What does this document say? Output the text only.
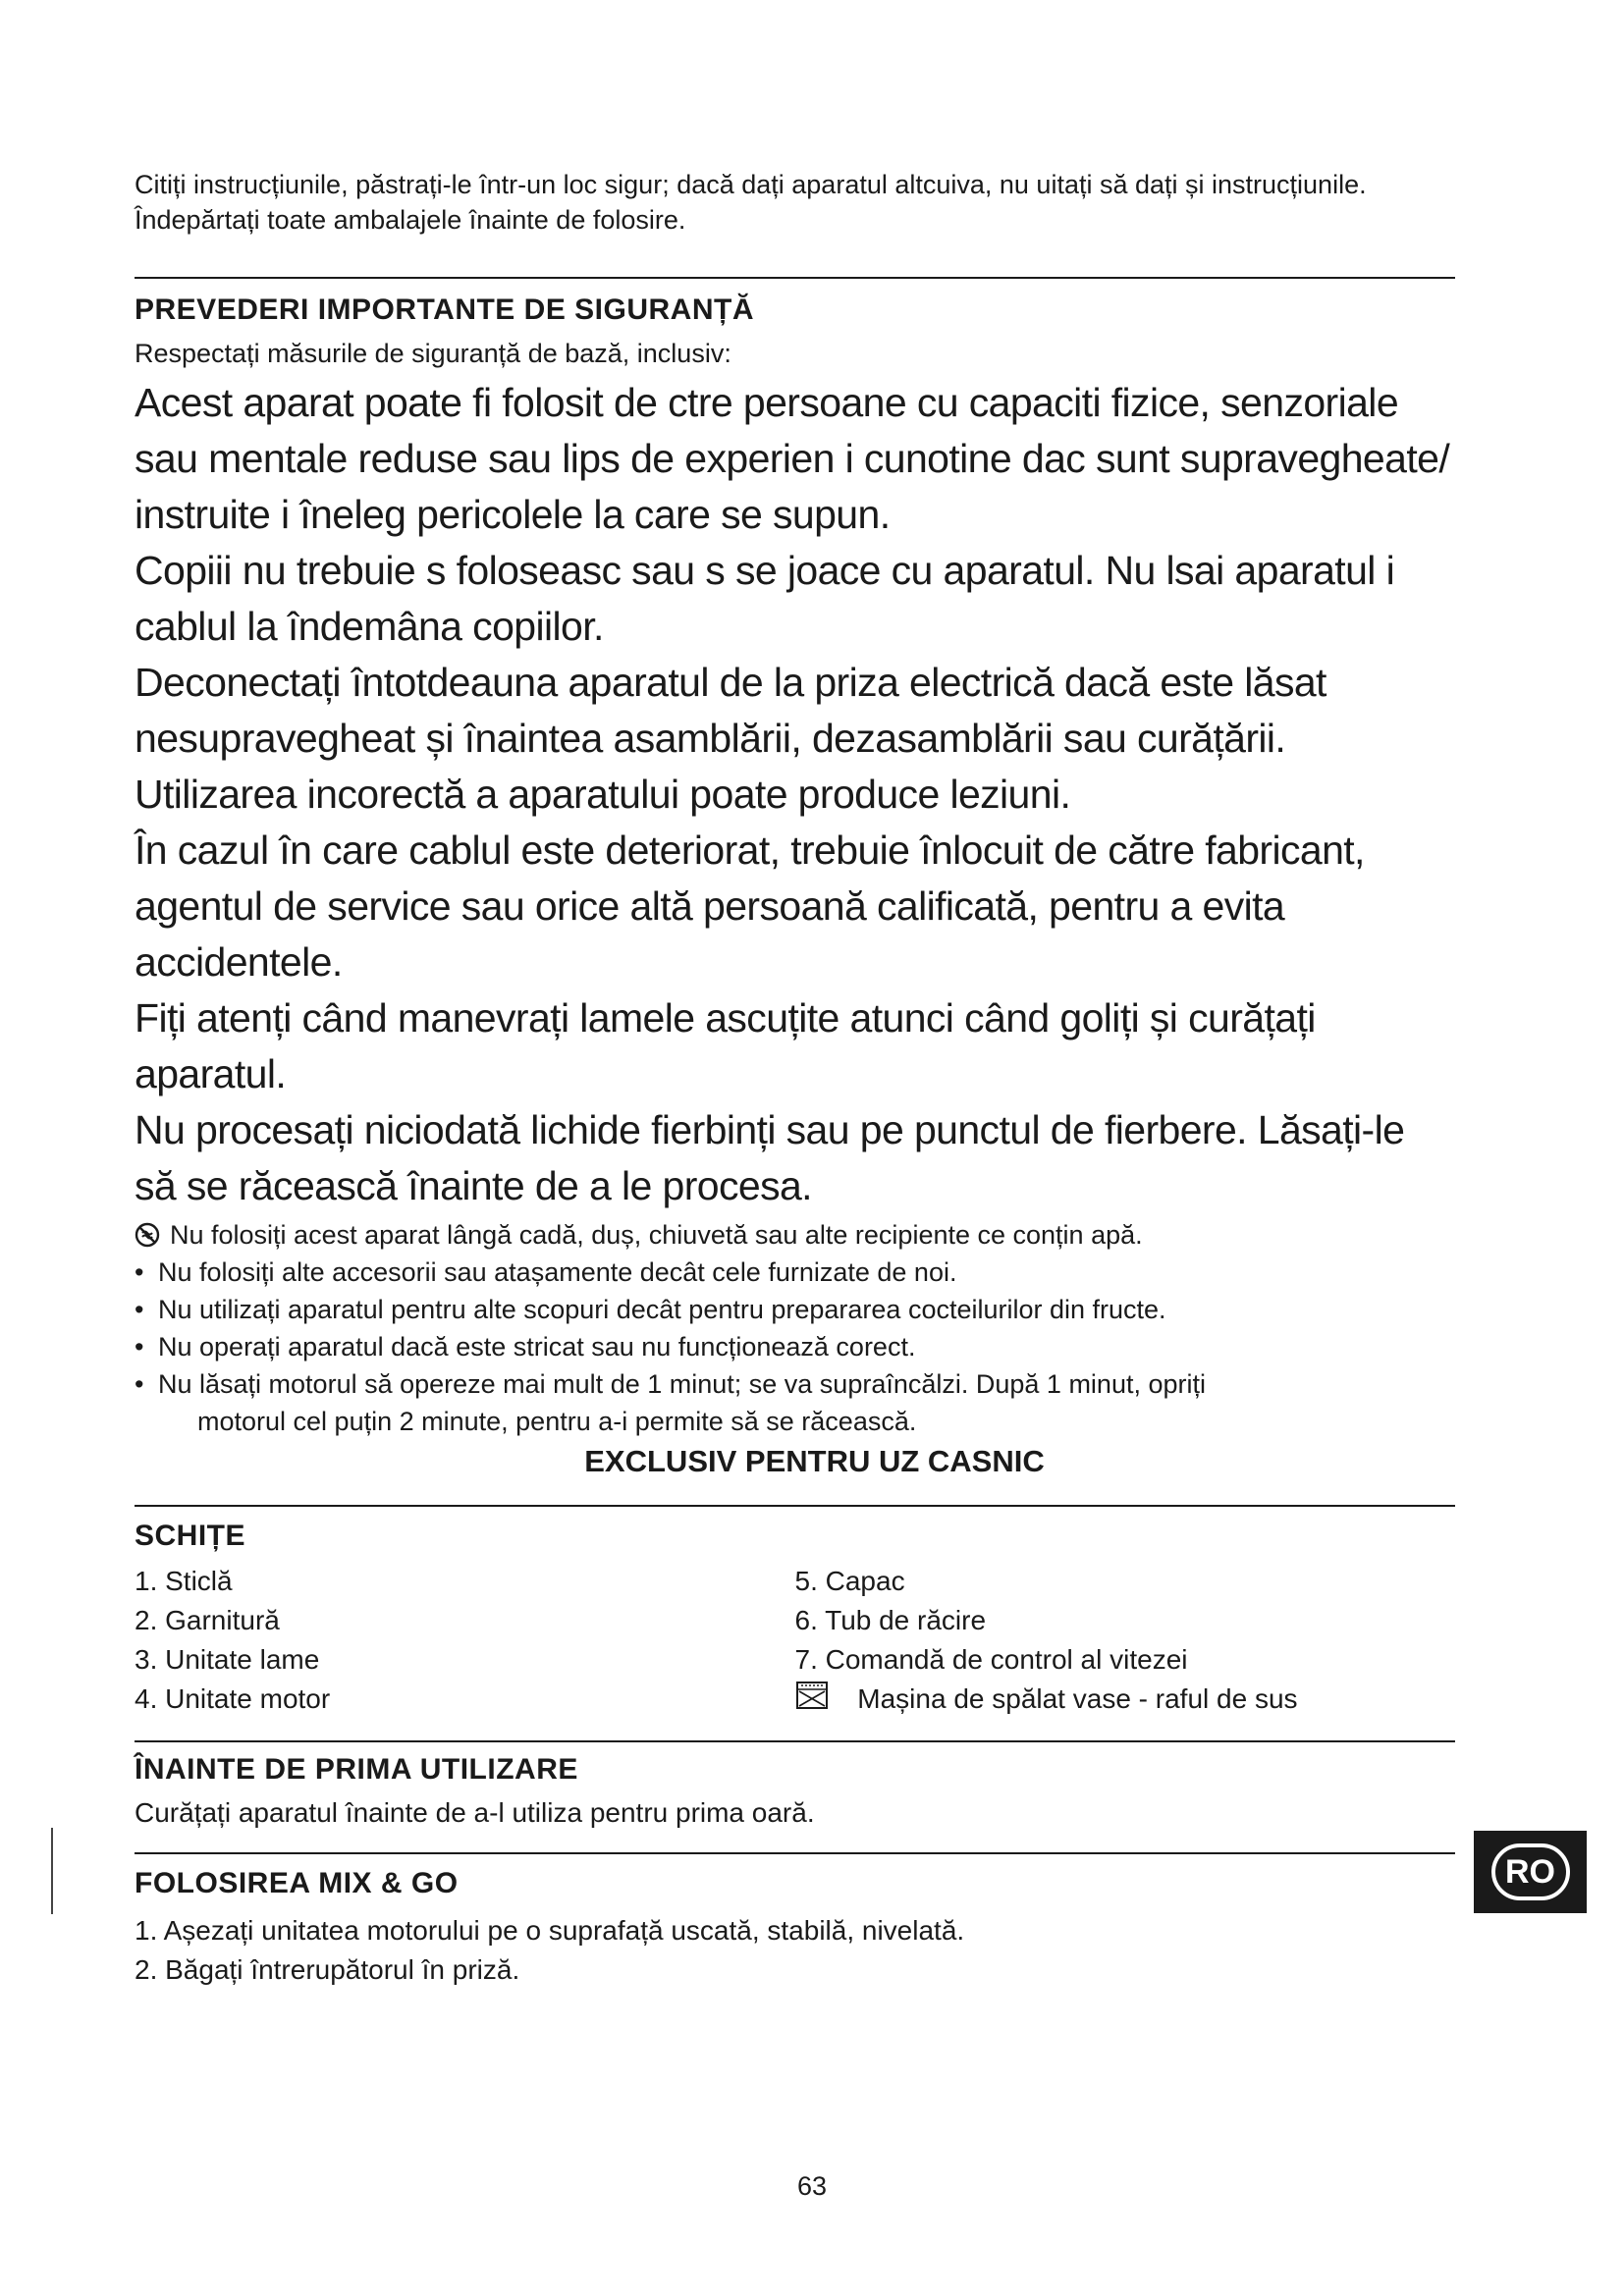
Citiți instrucțiunile, păstrați-le într-un loc sigur; dacă dați aparatul altcuiva, nu uitați să dați și instrucțiunile. Îndepărtați toate ambalajele înainte de folosire.

PREVEDERI IMPORTANTE DE SIGURANȚĂ

Respectați măsurile de siguranță de bază, inclusiv:

Acest aparat poate fi folosit de ctre persoane cu capaciti fizice, senzoriale sau mentale reduse sau lips de experien i cunotine dac sunt supravegheate/ instruite i îneleg pericolele la care se supun.
Copiii nu trebuie s foloseasc sau s se joace cu aparatul. Nu lsai aparatul i cablul la îndemâna copiilor.
Deconectați întotdeauna aparatul de la priza electrică dacă este lăsat nesupravegheat și înaintea asamblării, dezasamblării sau curățării.
Utilizarea incorectă a aparatului poate produce leziuni.
În cazul în care cablul este deteriorat, trebuie înlocuit de către fabricant, agentul de service sau orice altă persoană calificată, pentru a evita accidentele.
Fiți atenți când manevrați lamele ascuțite atunci când goliți și curățați aparatul.
Nu procesați niciodată lichide fierbinți sau pe punctul de fierbere. Lăsați-le să se răcească înainte de a le procesa.
Nu folosiți acest aparat lângă cadă, duș, chiuvetă sau alte recipiente ce conțin apă.
• Nu folosiți alte accesorii sau atașamente decât cele furnizate de noi.
• Nu utilizați aparatul pentru alte scopuri decât pentru prepararea cocteilurilor din fructe.
• Nu operați aparatul dacă este stricat sau nu funcționează corect.
• Nu lăsați motorul să opereze mai mult de 1 minut; se va supraîncălzi. După 1 minut, opriți
motorul cel puțin 2 minute, pentru a-i permite să se răcească.

EXCLUSIV PENTRU UZ CASNIC

SCHIȚE
1. Sticlă
2. Garnitură
3. Unitate lame
4. Unitate motor
5. Capac
6. Tub de răcire
7. Comandă de control al vitezei
Mașina de spălat vase - raful de sus
ÎNAINTE DE PRIMA UTILIZARE

Curățați aparatul înainte de a-l utiliza pentru prima oară.

FOLOSIREA MIX & GO
1. Așezați unitatea motorului pe o suprafață uscată, stabilă, nivelată.
2. Băgați întrerupătorul în priză.
RO
63
